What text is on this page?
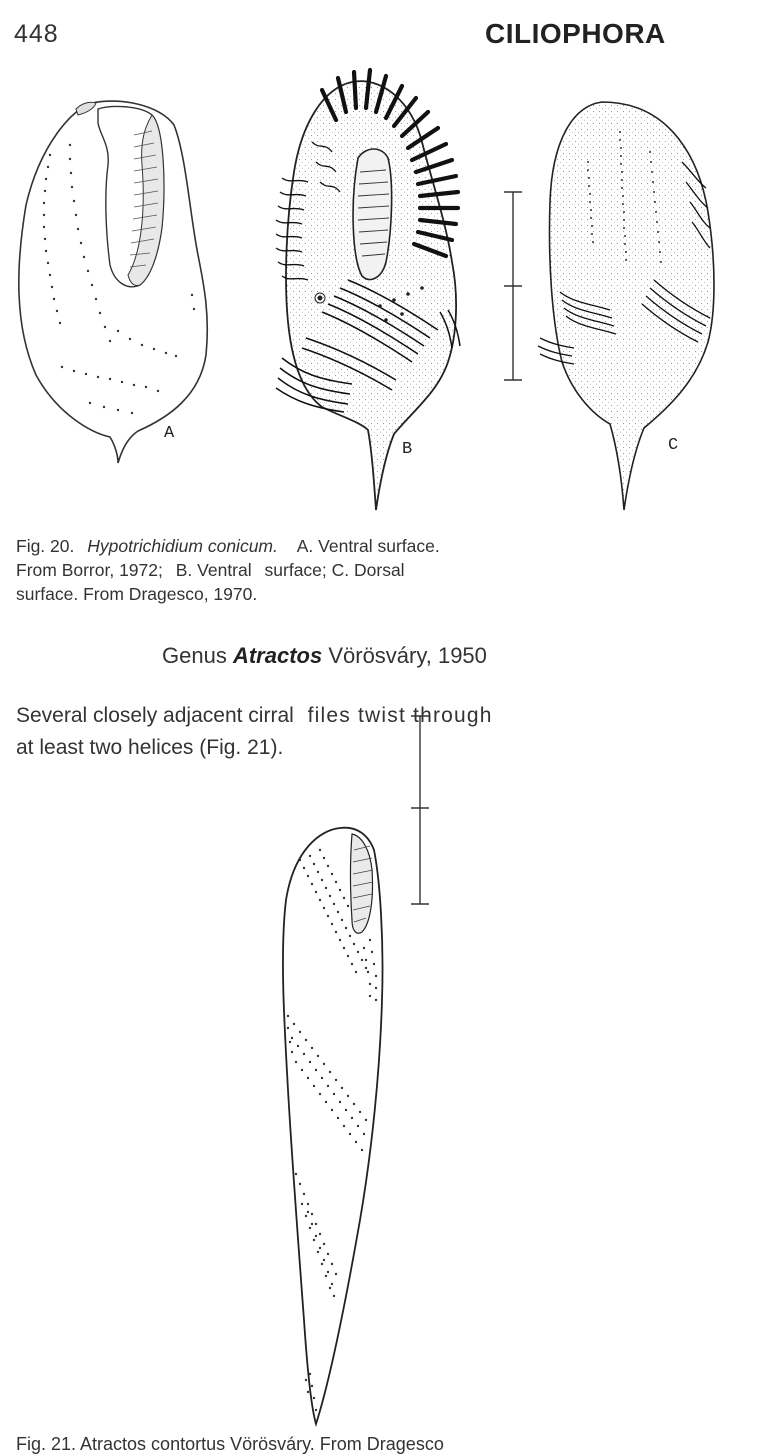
448	CILIOPHORA
A
B	C
Fig. 20. Hypotrichidium conicum. A. Ventral surface.
From Borror, 1972; B. Ventral surface; C. Dorsal
surface. From Dragesco, 1970.
Genus Atractos Vörösváry, 1950
Several closely adjacent cirral files twist through
at least two helices (Fig. 21).
Fig. 21. Atractos contortus Vörösváry. From Dragesco
